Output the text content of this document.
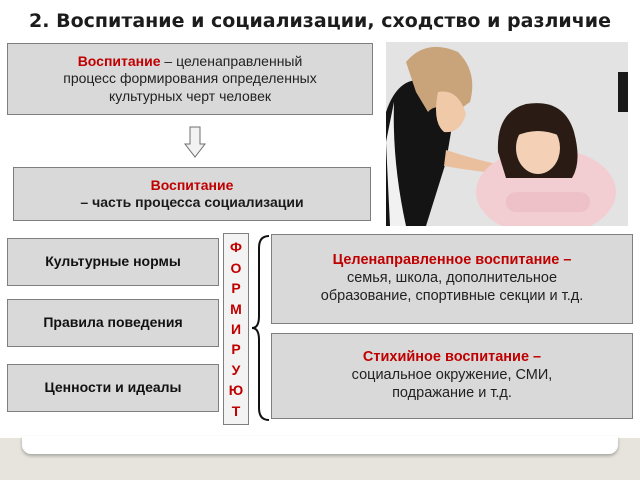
2. Воспитание и социализации, сходство и различие
Воспитание – целенаправленный
процесс формирования определенных
культурных черт человек
Воспитание
– часть процесса социализации
Культурные нормы
Правила поведения
Ценности и идеалы
Ф
О
Р
М
И
Р
У
Ю
Т
Целенаправленное воспитание –
семья, школа, дополнительное
образование, спортивные секции и т.д.
Стихийное воспитание –
социальное окружение, СМИ,
подражание и т.д.
